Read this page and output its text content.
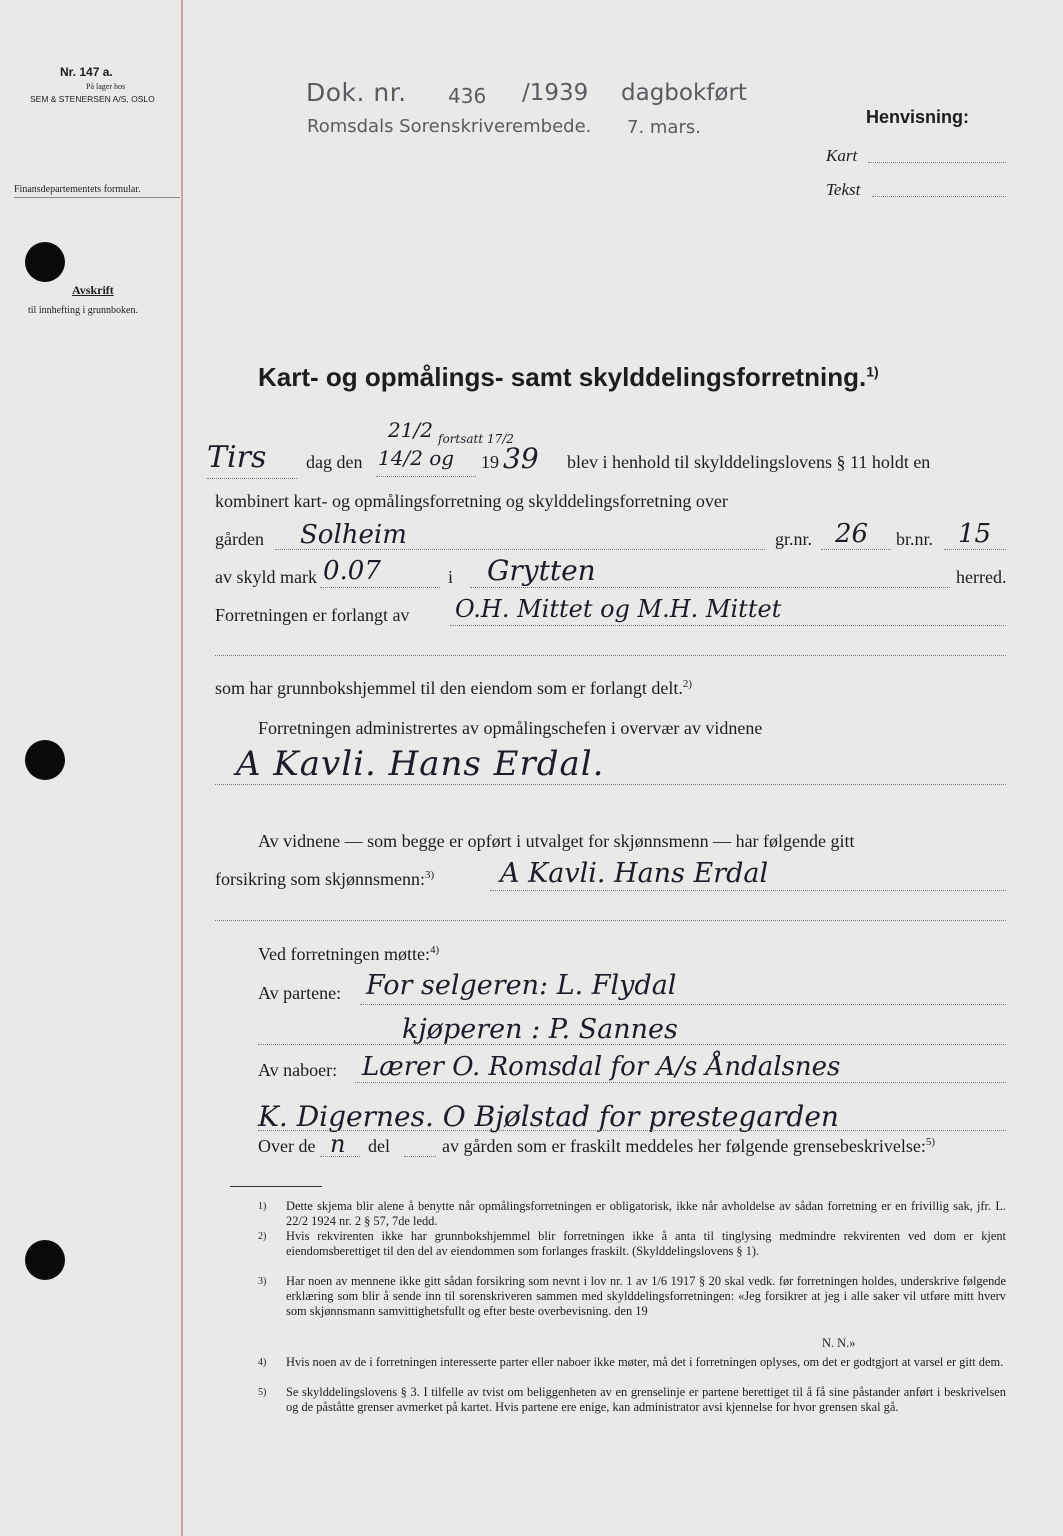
Nr. 147 a.
På lager hos
SEM & STENERSEN A/S, OSLO
Finansdepartementets formular.
Avskrift
til innhefting i grunnboken.
Dok. nr. 436 /1939 dagbokført
Romsdals Sorenskriverembede. 7. mars.	Henvisning:
Kart
Tekst
Kart- og opmålings- samt skylddelingsforretning.$^{1)}$
Tirs dag den
21/2 fortsatt 17/2
14/2 og 19 39 blev i henhold til skylddelingslovens § 11 holdt en
kombinert kart- og opmålingsforretning og skylddelingsforretning over
gården Solheim	gr.nr. 26 br.nr. 15
av skyld mark 0.07	i Grytten	herred.
Forretningen er forlangt av O.H. Mittet og M.H. Mittet
som har grunnbokshjemmel til den eiendom som er forlangt delt.$^{2)}$
Forretningen administrertes av opmålingschefen i overvær av vidnene
A Kavli. Hans Erdal.
Av vidnene — som begge er opført i utvalget for skjønnsmenn — har følgende gitt
forsikring som skjønnsmenn:$^{3)}$ A Kavli. Hans Erdal
Ved forretningen møtte:$^{4)}$
Av partene: For selgeren: L. Flydal
kjøperen : P. Sannes
Av naboer: Lærer O. Romsdal for A/s Åndalsnes
K. Digernes. O Bjølstad for prestegarden
Over de n del	av gården som er fraskilt meddeles her følgende grensebeskrivelse:$^{5)}$
1) Dette skjema blir alene å benytte når opmålingsforretningen er obligatorisk, ikke når avholdelse av sådan forretning er en frivillig sak, jfr. L. 22/2 1924 nr. 2 § 57, 7de ledd.
2) Hvis rekvirenten ikke har grunnbokshjemmel blir forretningen ikke å anta til tinglysing medmindre rekvirenten ved dom er kjent eiendomsberettiget til den del av eiendommen som forlanges fraskilt. (Skylddelingslovens § 1).
3) Har noen av mennene ikke gitt sådan forsikring som nevnt i lov nr. 1 av 1/6 1917 § 20 skal vedk. før forretningen holdes, underskrive følgende erklæring som blir å sende inn til sorenskriveren sammen med skylddelingsforretningen: «Jeg forsikrer at jeg i alle saker vil utføre mitt hverv som skjønnsmann samvittighetsfullt og efter beste overbevisning. den 19
N. N.»
4) Hvis noen av de i forretningen interesserte parter eller naboer ikke møter, må det i forretningen oplyses, om det er godtgjort at varsel er gitt dem.
5) Se skylddelingslovens § 3. I tilfelle av tvist om beliggenheten av en grenselinje er partene berettiget til å få sine påstander anført i beskrivelsen og de påståtte grenser avmerket på kartet. Hvis partene ere enige, kan administrator avsi kjennelse for hvor grensen skal gå.
